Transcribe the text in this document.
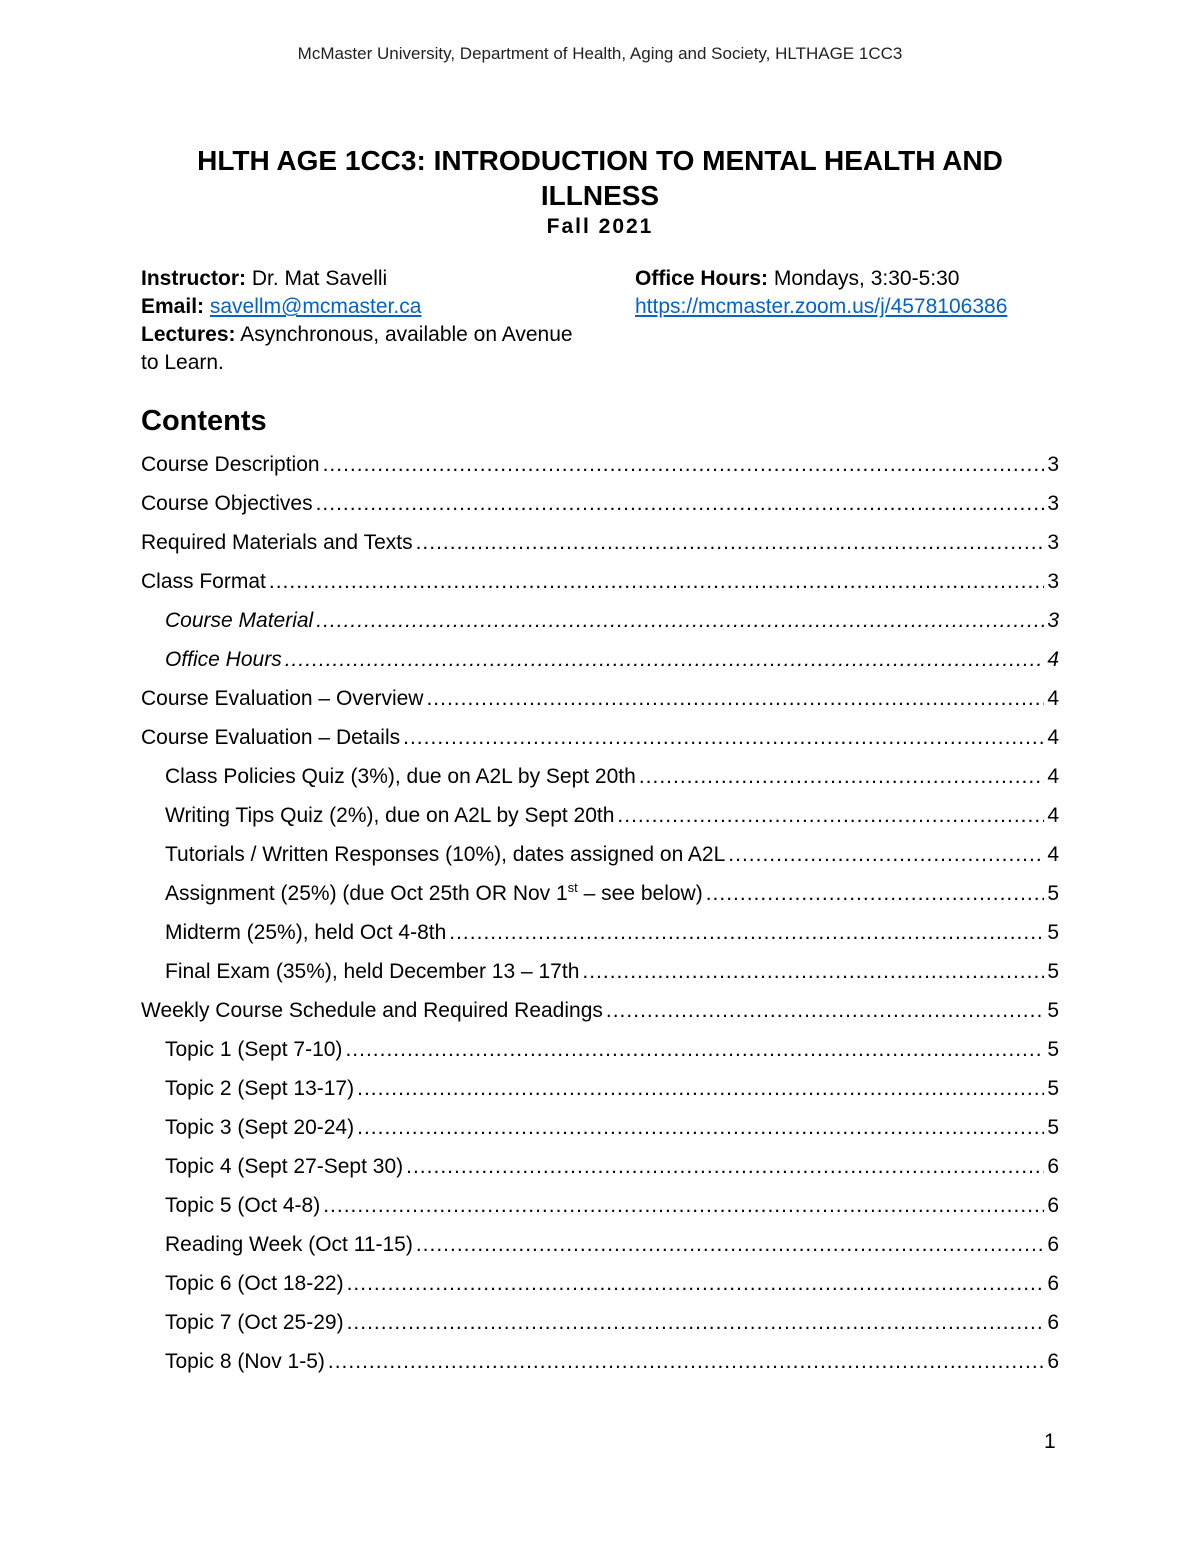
McMaster University, Department of Health, Aging and Society, HLTHAGE 1CC3
HLTH AGE 1CC3: INTRODUCTION TO MENTAL HEALTH AND
ILLNESS
Fall 2021
Instructor: Dr. Mat Savelli
Email: savellm@mcmaster.ca
Lectures: Asynchronous, available on Avenue to Learn.
Office Hours: Mondays, 3:30-5:30
https://mcmaster.zoom.us/j/4578106386
Contents
Course Description .....	3
Course Objectives .....	3
Required Materials and Texts .....	3
Class Format .....	3
Course Material .....	3
Office Hours .....	4
Course Evaluation – Overview .....	4
Course Evaluation – Details .....	4
Class Policies Quiz (3%), due on A2L by Sept 20th .....	4
Writing Tips Quiz (2%), due on A2L by Sept 20th .....	4
Tutorials / Written Responses (10%), dates assigned on A2L .....	4
Assignment (25%) (due Oct 25th OR Nov 1st – see below) .....	5
Midterm (25%), held Oct 4-8th .....	5
Final Exam (35%), held December 13 – 17th .....	5
Weekly Course Schedule and Required Readings .....	5
Topic 1 (Sept 7-10) .....	5
Topic 2 (Sept 13-17) .....	5
Topic 3 (Sept 20-24) .....	5
Topic 4 (Sept 27-Sept 30) .....	6
Topic 5 (Oct 4-8) .....	6
Reading Week (Oct 11-15) .....	6
Topic 6 (Oct 18-22) .....	6
Topic 7 (Oct 25-29) .....	6
Topic 8 (Nov 1-5) .....	6
1
